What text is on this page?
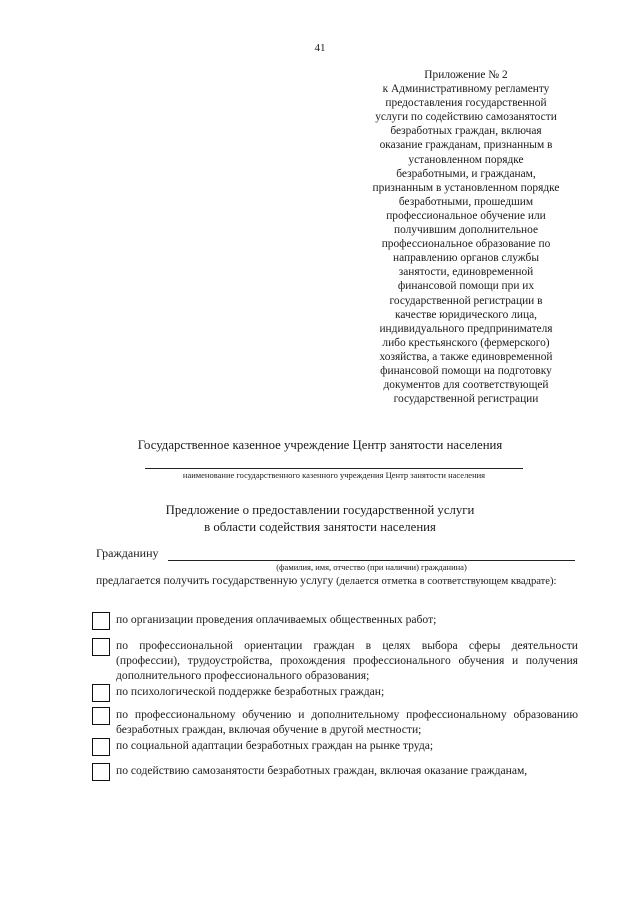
41
Приложение № 2
к Административному регламенту
предоставления государственной
услуги по содействию самозанятости
безработных граждан, включая
оказание гражданам, признанным в
установленном порядке
безработными, и гражданам,
признанным в установленном порядке
безработными, прошедшим
профессиональное обучение или
получившим дополнительное
профессиональное образование по
направлению органов службы
занятости, единовременной
финансовой помощи при их
государственной регистрации в
качестве юридического лица,
индивидуального предпринимателя
либо крестьянского (фермерского)
хозяйства, а также единовременной
финансовой помощи на подготовку
документов для соответствующей
государственной регистрации
Государственное казенное учреждение Центр занятости населения
наименование государственного казенного учреждения Центр занятости населения
Предложение о предоставлении государственной услуги
в области содействия занятости населения
Гражданину
(фамилия, имя, отчество (при наличии) гражданина)
предлагается получить государственную услугу (делается отметка в соответствующем квадрате):
по организации проведения оплачиваемых общественных работ;
по профессиональной ориентации граждан в целях выбора сферы деятельности (профессии), трудоустройства, прохождения профессионального обучения и получения дополнительного профессионального образования;
по психологической поддержке безработных граждан;
по профессиональному обучению и дополнительному профессиональному образованию безработных граждан, включая обучение в другой местности;
по социальной адаптации безработных граждан на рынке труда;
по содействию самозанятости безработных граждан, включая оказание гражданам,
